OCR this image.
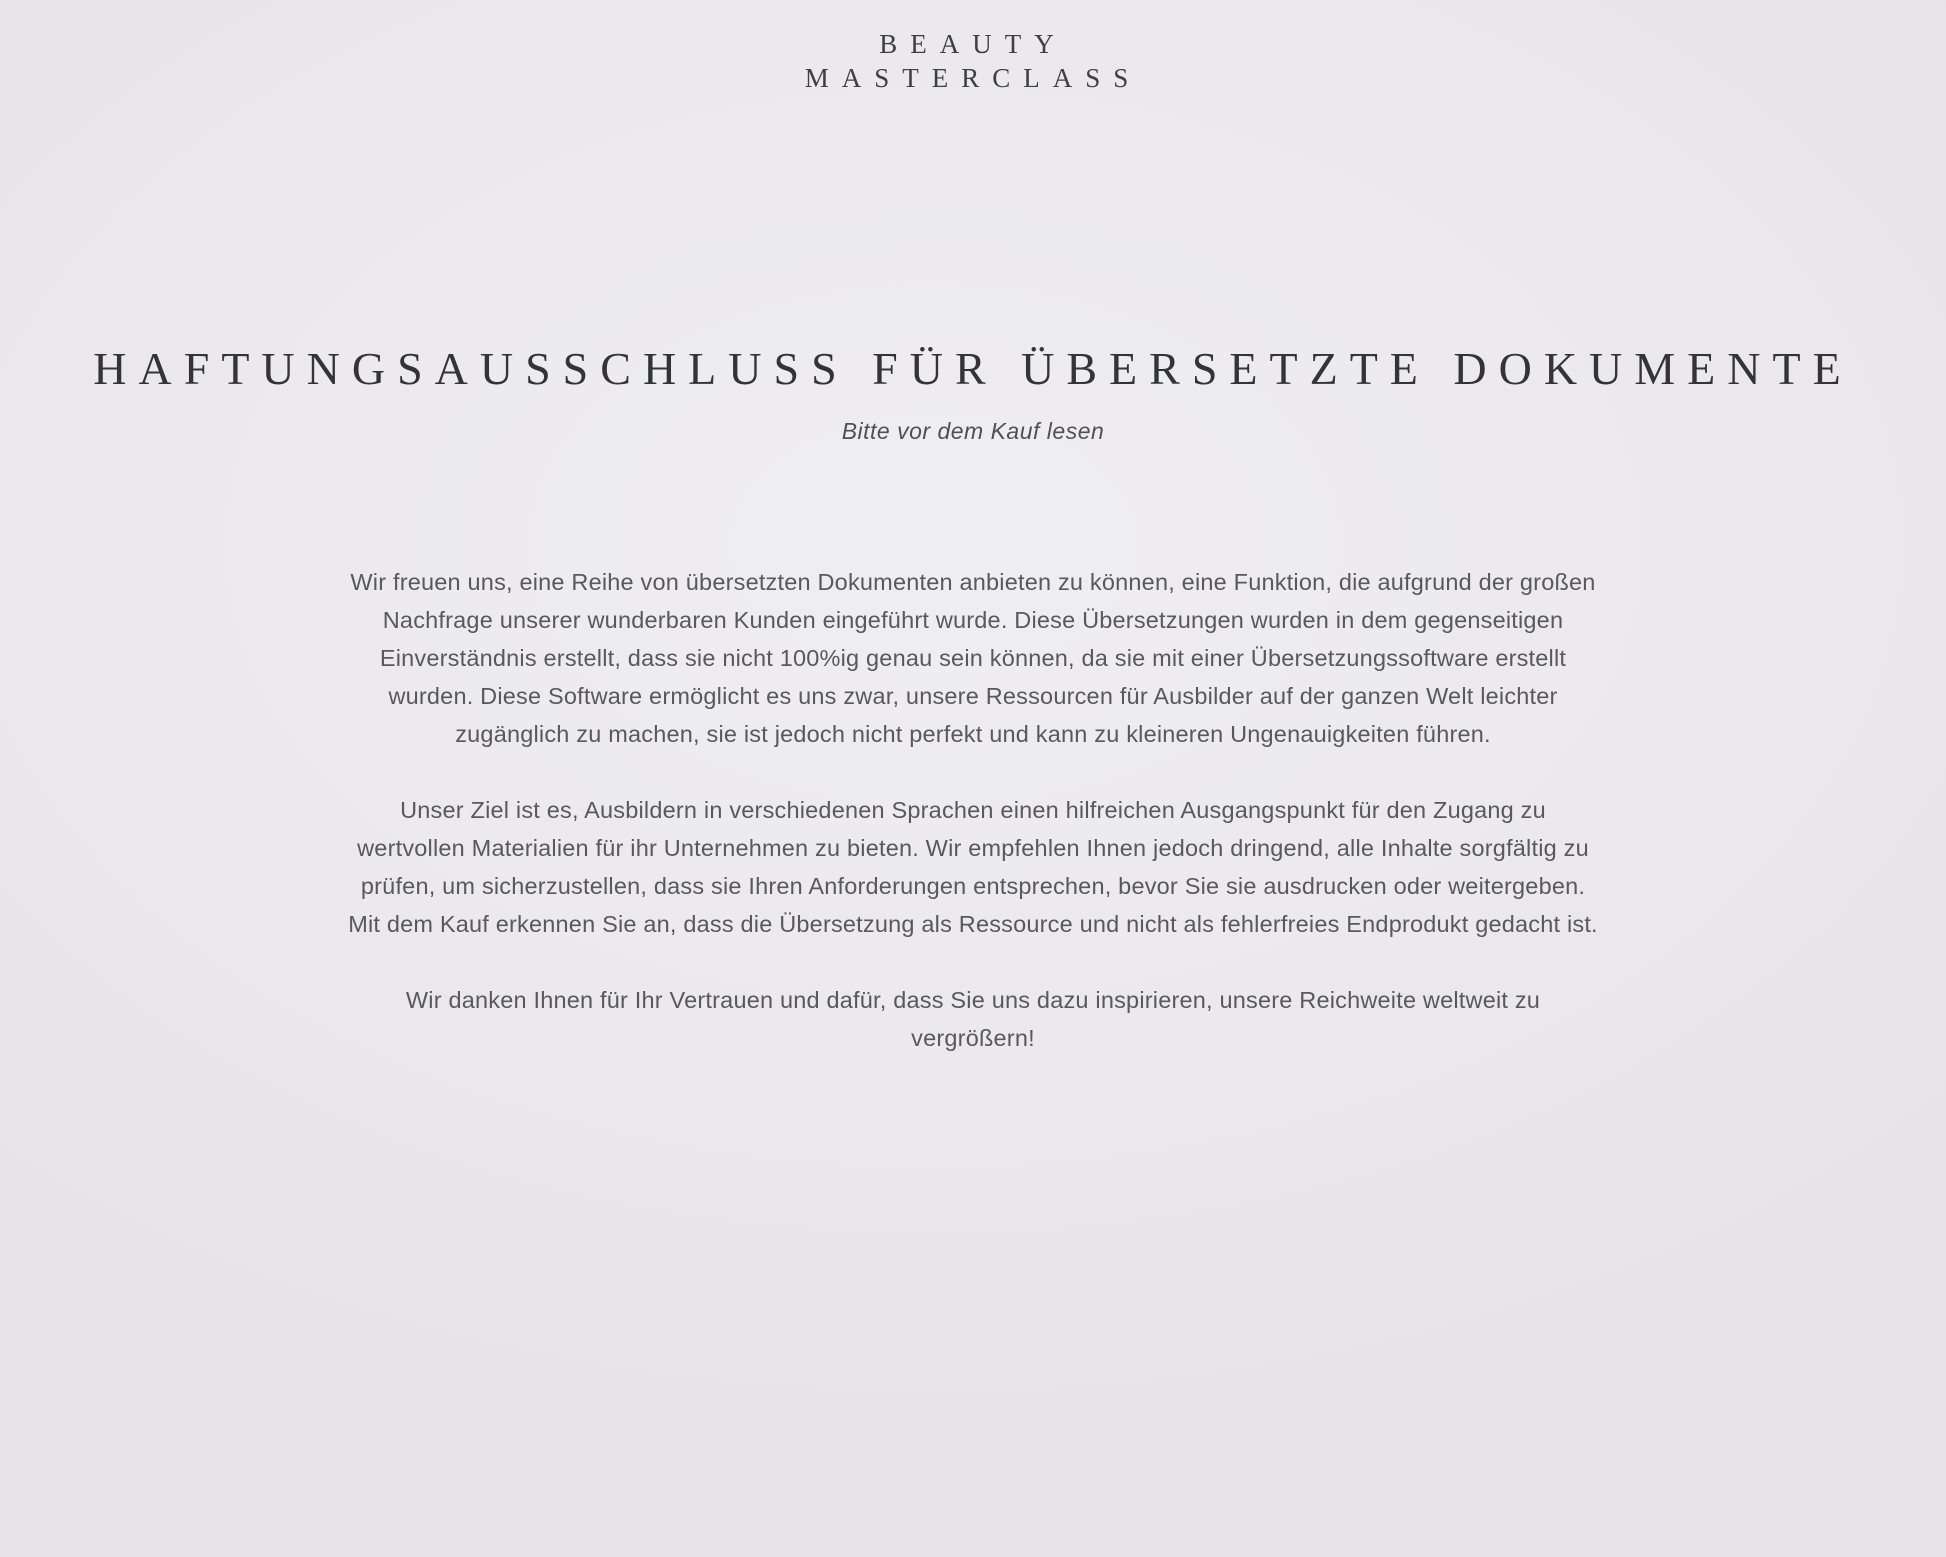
BEAUTY
MASTERCLASS
HAFTUNGSAUSSCHLUSS FÜR ÜBERSETZTE DOKUMENTE
Bitte vor dem Kauf lesen

Wir freuen uns, eine Reihe von übersetzten Dokumenten anbieten zu können, eine Funktion, die aufgrund der großen Nachfrage unserer wunderbaren Kunden eingeführt wurde. Diese Übersetzungen wurden in dem gegenseitigen Einverständnis erstellt, dass sie nicht 100%ig genau sein können, da sie mit einer Übersetzungssoftware erstellt wurden. Diese Software ermöglicht es uns zwar, unsere Ressourcen für Ausbilder auf der ganzen Welt leichter zugänglich zu machen, sie ist jedoch nicht perfekt und kann zu kleineren Ungenauigkeiten führen.

Unser Ziel ist es, Ausbildern in verschiedenen Sprachen einen hilfreichen Ausgangspunkt für den Zugang zu wertvollen Materialien für ihr Unternehmen zu bieten. Wir empfehlen Ihnen jedoch dringend, alle Inhalte sorgfältig zu prüfen, um sicherzustellen, dass sie Ihren Anforderungen entsprechen, bevor Sie sie ausdrucken oder weitergeben. Mit dem Kauf erkennen Sie an, dass die Übersetzung als Ressource und nicht als fehlerfreies Endprodukt gedacht ist.

Wir danken Ihnen für Ihr Vertrauen und dafür, dass Sie uns dazu inspirieren, unsere Reichweite weltweit zu vergrößern!
